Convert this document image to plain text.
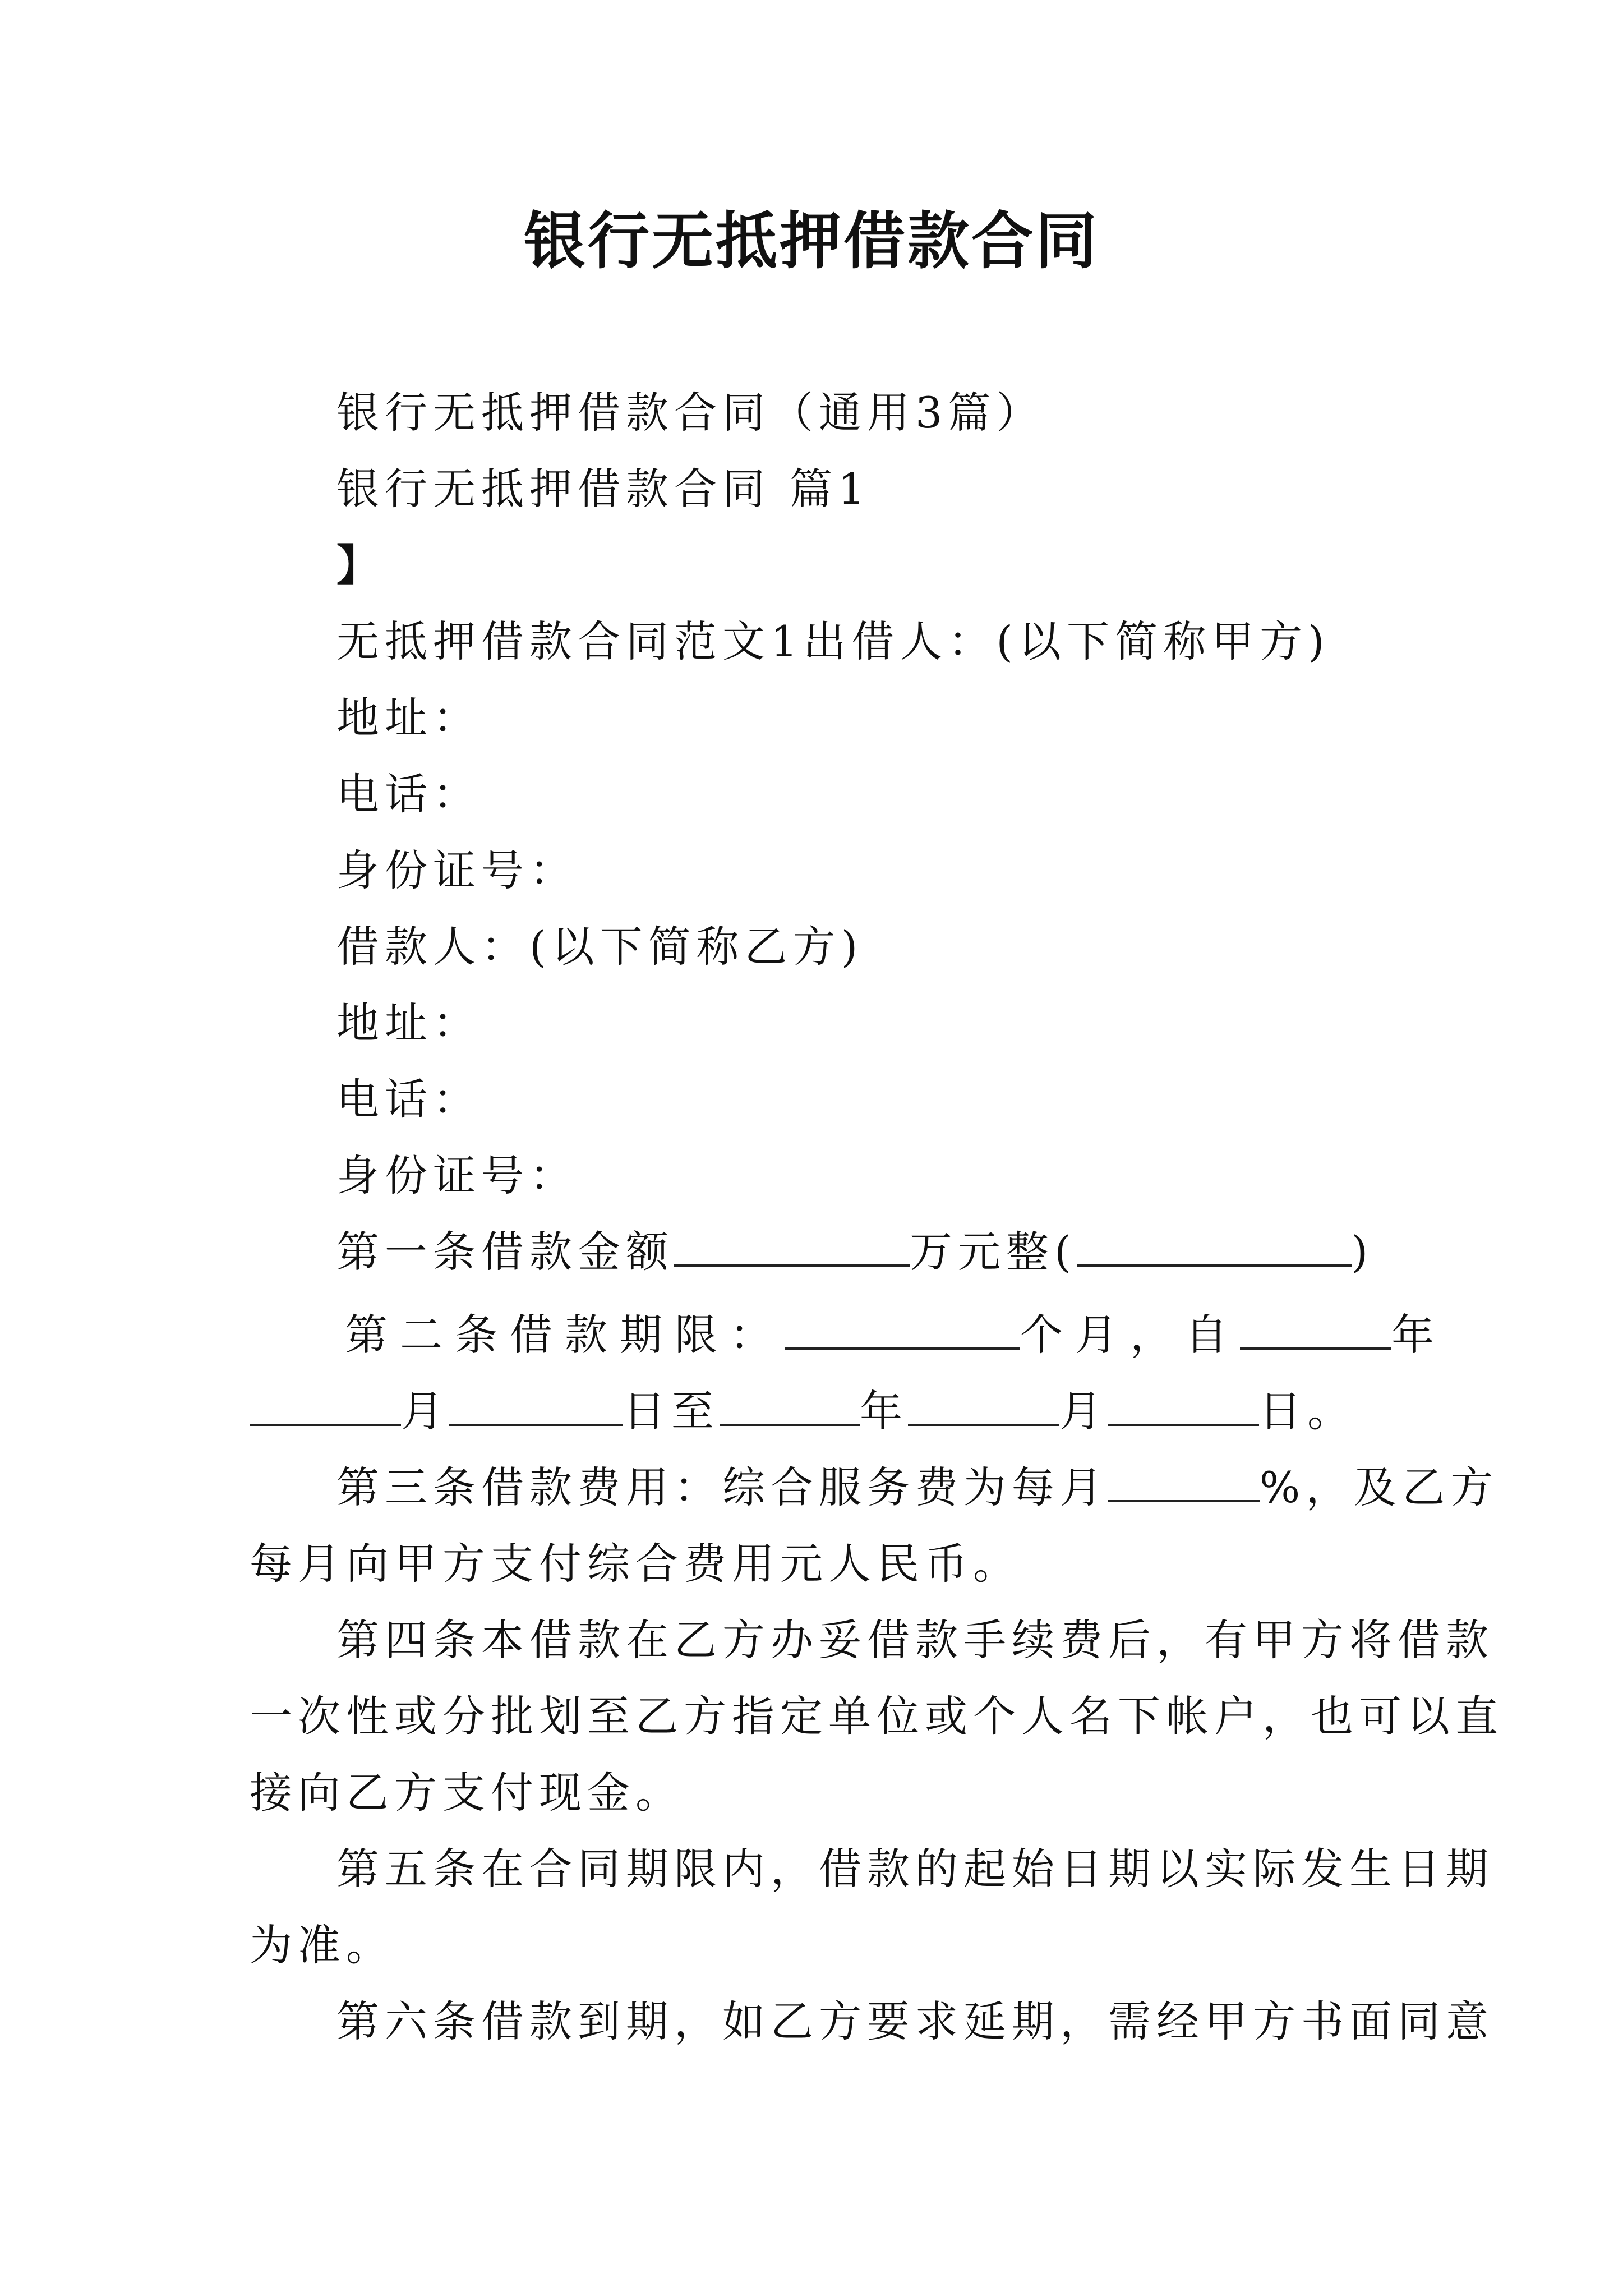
银行无抵押借款合同
银行无抵押借款合同（通用3篇）
银行无抵押借款合同 篇1
】
无抵押借款合同范文1出借人：(以下简称甲方)
地址：
电话：
身份证号：
借款人：(以下简称乙方)
地址：
电话：
身份证号：
第一条借款金额	万元整(	)
第二条借款期限：	个月，自	年
月	日至	年	月	日。
第三条借款费用：综合服务费为每月	%，及乙方
每月向甲方支付综合费用元人民币。
第四条本借款在乙方办妥借款手续费后，有甲方将借款
一次性或分批划至乙方指定单位或个人名下帐户，也可以直
接向乙方支付现金。
第五条在合同期限内，借款的起始日期以实际发生日期
为准。
第六条借款到期，如乙方要求延期，需经甲方书面同意
